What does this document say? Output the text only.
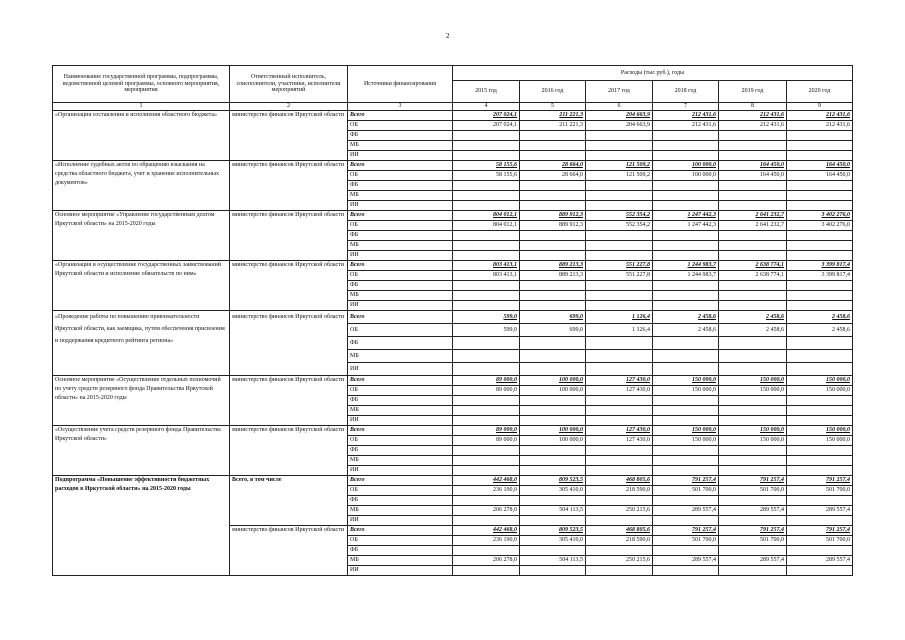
2
Наименование государственной программы, подпрограммы, ведомственной целевой программы, основного мероприятия, мероприятия	Ответственный исполнитель, соисполнители, участники, исполнители мероприятий	Источники финансирования	Расходы (тыс руб.), годы					
			2015 год	2016 год	2017 год	2018 год	2019 год	2020 год
1	2	3	4	5	6	7	8	9
«Организация составления и исполнения областного бюджета»	министерство финансов Иркутской области	Всего	207 024,1	211 221,3	204 663,9	212 431,6	212 431,6	212 431,6
		ОБ	207 024,1	211 221,3	204 663,9	212 431,6	212 431,6	212 431,6
		ФБ						
		МБ						
		ИИ						
«Исполнение судебных актов по обращению взыскания на средства областного бюджета, учет и хранение исполнительных документов»	министерство финансов Иркутской области	Всего	58 155,6	28 664,0	121 509,2	100 000,0	164 450,0	164 450,0
		ОБ	58 155,6	28 664,0	121 509,2	100 000,0	164 450,0	164 450,0
		ФБ						
		МБ						
		ИИ						
Основное мероприятие «Управление государственным долгом Иркутской области» на 2015-2020 годы	министерство финансов Иркутской области	Всего	804 012,1	889 912,3	552 354,2	1 247 442,3	2 641 232,7	3 402 276,0
		ОБ	804 012,1	889 912,3	552 354,2	1 247 442,3	2 641 232,7	3 402 276,0
		ФБ						
		МБ						
		ИИ						
«Организация и осуществление государственных заимствований Иркутской области и исполнение обязательств по ним»	министерство финансов Иркутской области	Всего	803 413,1	889 213,3	551 227,8	1 244 983,7	2 638 774,1	3 399 817,4
		ОБ	803 413,1	889 213,3	551 227,8	1 244 983,7	2 638 774,1	3 399 817,4
		ФБ						
		МБ						
		ИИ						
«Проведение работы по повышению привлекательности Иркутской области, как заемщика, путем обеспечения присвоения и поддержания кредитного рейтинга региона»	министерство финансов Иркутской области	Всего	599,0	699,0	1 126,4	2 458,6	2 458,6	2 458,6
		ОБ	599,0	699,0	1 126,4	2 458,6	2 458,6	2 458,6
		ФБ						
		МБ						
		ИИ						
Основное мероприятие «Осуществление отдельных полномочий по учету средств резервного фонда Правительства Иркутской области» на 2015-2020 годы	министерство финансов Иркутской области	Всего	89 000,0	100 000,0	127 430,0	150 000,0	150 000,0	150 000,0
		ОБ	89 000,0	100 000,0	127 430,0	150 000,0	150 000,0	150 000,0
		ФБ						
		МБ						
		ИИ						
«Осуществление учета средств резервного фонда Правительства Иркутской области»	министерство финансов Иркутской области	Всего	89 000,0	100 000,0	127 430,0	150 000,0	150 000,0	150 000,0
		ОБ	89 000,0	100 000,0	127 430,0	150 000,0	150 000,0	150 000,0
		ФБ						
		МБ						
		ИИ						
Подпрограмма «Повышение эффективности бюджетных расходов в Иркутской области» на 2015-2020 годы	Всего, в том числе	Всего	442 468,0	809 523,5	468 805,6	791 257,4	791 257,4	791 257,4
		ОБ	236 190,0	305 410,0	218 590,0	501 700,0	501 700,0	501 700,0
		ФБ						
		МБ	206 278,0	504 113,5	250 215,6	289 557,4	289 557,4	289 557,4
		ИИ						
	министерство финансов Иркутской области	Всего	442 468,0	809 523,5	468 805,6	791 257,4	791 257,4	791 257,4
		ОБ	236 190,0	305 410,0	218 590,0	501 700,0	501 700,0	501 700,0
		ФБ						
		МБ	206 278,0	504 113,5	250 215,6	289 557,4	289 557,4	289 557,4
		ИИ						
